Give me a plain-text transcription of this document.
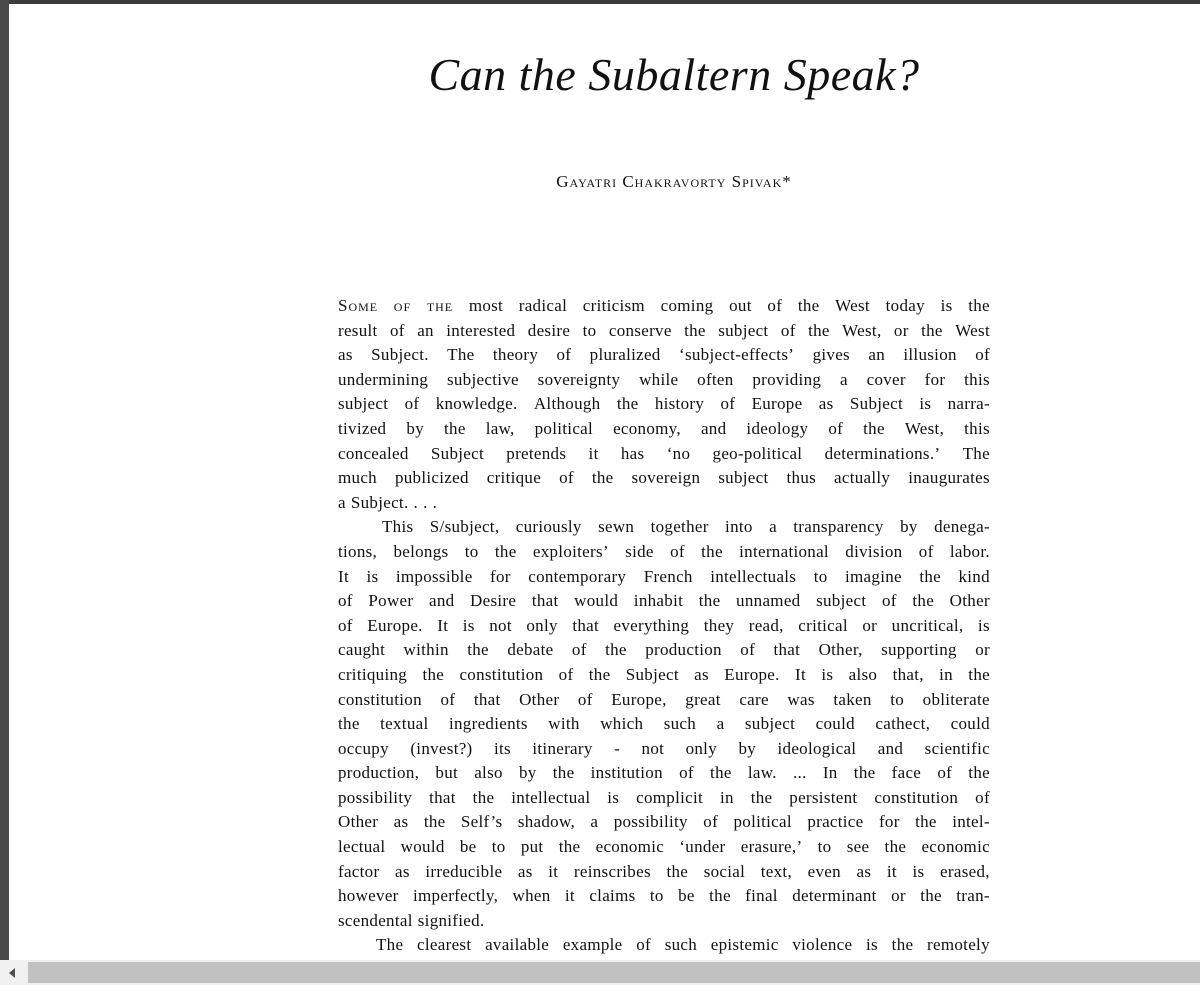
Can the Subaltern Speak?
Gayatri Chakravorty Spivak*
Some of the most radical criticism coming out of the West today is the
result of an interested desire to conserve the subject of the West, or the West
as Subject. The theory of pluralized ‘subject-effects’ gives an illusion of
undermining subjective sovereignty while often providing a cover for this
subject of knowledge. Although the history of Europe as Subject is narra-
tivized by the law, political economy, and ideology of the West, this
concealed Subject pretends it has ‘no geo-political determinations.’ The
much publicized critique of the sovereign subject thus actually inaugurates
a Subject. . . .
This S/subject, curiously sewn together into a transparency by denega-
tions, belongs to the exploiters’ side of the international division of labor.
It is impossible for contemporary French intellectuals to imagine the kind
of Power and Desire that would inhabit the unnamed subject of the Other
of Europe. It is not only that everything they read, critical or uncritical, is
caught within the debate of the production of that Other, supporting or
critiquing the constitution of the Subject as Europe. It is also that, in the
constitution of that Other of Europe, great care was taken to obliterate
the textual ingredients with which such a subject could cathect, could
occupy (invest?) its itinerary - not only by ideological and scientific
production, but also by the institution of the law. ... In the face of the
possibility that the intellectual is complicit in the persistent constitution of
Other as the Self’s shadow, a possibility of political practice for the intel-
lectual would be to put the economic ‘under erasure,’ to see the economic
factor as irreducible as it reinscribes the social text, even as it is erased,
however imperfectly, when it claims to be the final determinant or the tran-
scendental signified.
The clearest available example of such epistemic violence is the remotely
